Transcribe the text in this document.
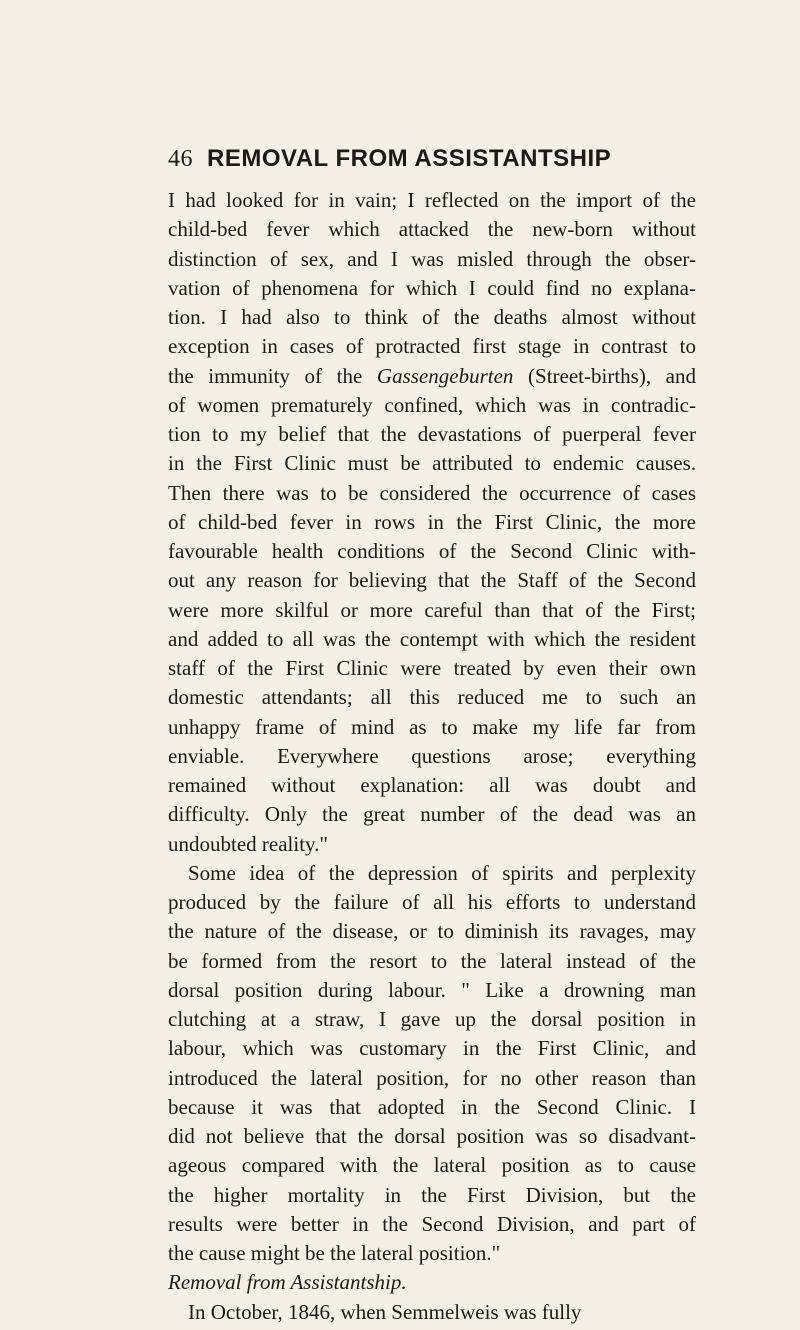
46 REMOVAL FROM ASSISTANTSHIP
I had looked for in vain; I reflected on the import of the
child-bed fever which attacked the new-born without
distinction of sex, and I was misled through the obser-
vation of phenomena for which I could find no explana-
tion. I had also to think of the deaths almost without
exception in cases of protracted first stage in contrast to
the immunity of the Gassengeburten (Street-births), and
of women prematurely confined, which was in contradic-
tion to my belief that the devastations of puerperal fever
in the First Clinic must be attributed to endemic causes.
Then there was to be considered the occurrence of cases
of child-bed fever in rows in the First Clinic, the more
favourable health conditions of the Second Clinic with-
out any reason for believing that the Staff of the Second
were more skilful or more careful than that of the First;
and added to all was the contempt with which the resident
staff of the First Clinic were treated by even their own
domestic attendants; all this reduced me to such an
unhappy frame of mind as to make my life far from
enviable. Everywhere questions arose; everything
remained without explanation: all was doubt and
difficulty. Only the great number of the dead was an
undoubted reality."
Some idea of the depression of spirits and perplexity
produced by the failure of all his efforts to understand
the nature of the disease, or to diminish its ravages, may
be formed from the resort to the lateral instead of the
dorsal position during labour. " Like a drowning man
clutching at a straw, I gave up the dorsal position in
labour, which was customary in the First Clinic, and
introduced the lateral position, for no other reason than
because it was that adopted in the Second Clinic. I
did not believe that the dorsal position was so disadvant-
ageous compared with the lateral position as to cause
the higher mortality in the First Division, but the
results were better in the Second Division, and part of
the cause might be the lateral position."
Removal from Assistantship.
In October, 1846, when Semmelweis was fully
